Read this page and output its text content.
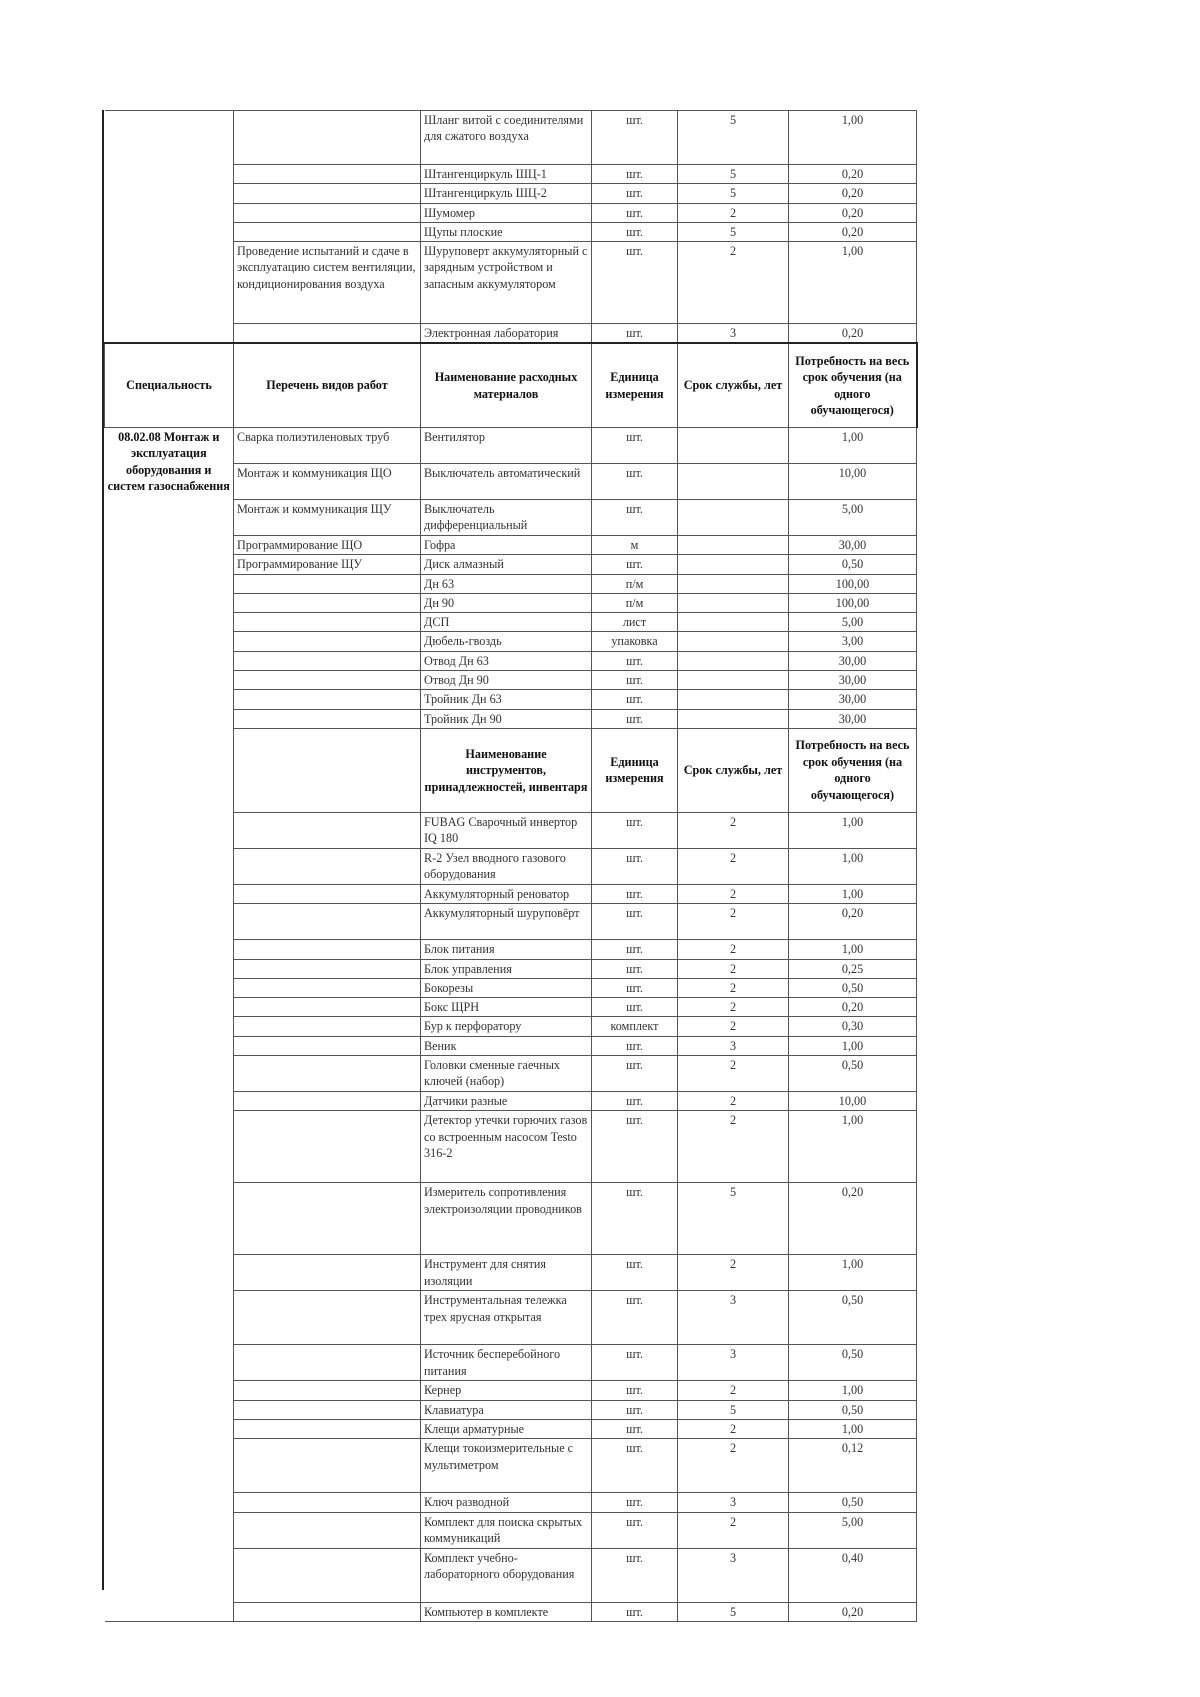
		Шланг витой с соединителями для сжатого воздуха	шт.	5	1,00
		Штангенциркуль ШЦ-1	шт.	5	0,20
		Штангенциркуль ШЦ-2	шт.	5	0,20
		Шумомер	шт.	2	0,20
		Щупы плоские	шт.	5	0,20
	Проведение испытаний и сдаче в эксплуатацию систем вентиляции, кондиционирования воздуха	Шуруповерт аккумуляторный с зарядным устройством и запасным аккумулятором	шт.	2	1,00
		Электронная лаборатория	шт.	3	0,20
Специальность	Перечень видов работ	Наименование расходных материалов	Единица измерения	Срок службы, лет	Потребность на весь срок обучения (на одного обучающегося)
08.02.08 Монтаж и эксплуатация оборудования и систем газоснабжения	Сварка полиэтиленовых труб	Вентилятор	шт.		1,00
	Монтаж и коммуникация ЩО	Выключатель автоматический	шт.		10,00
	Монтаж и коммуникация ЩУ	Выключатель дифференциальный	шт.		5,00
	Программирование ЩО	Гофра	м		30,00
	Программирование ЩУ	Диск алмазный	шт.		0,50
		Дн 63	п/м		100,00
		Дн 90	п/м		100,00
		ДСП	лист		5,00
		Дюбель-гвоздь	упаковка		3,00
		Отвод Дн 63	шт.		30,00
		Отвод Дн 90	шт.		30,00
		Тройник Дн 63	шт.		30,00
		Тройник Дн 90	шт.		30,00
		Наименование инструментов, принадлежностей, инвентаря	Единица измерения	Срок службы, лет	Потребность на весь срок обучения (на одного обучающегося)
		FUBAG Сварочный инвертор IQ 180	шт.	2	1,00
		R-2 Узел вводного газового оборудования	шт.	2	1,00
		Аккумуляторный реноватор	шт.	2	1,00
		Аккумуляторный шуруповёрт	шт.	2	0,20
		Блок питания	шт.	2	1,00
		Блок управления	шт.	2	0,25
		Бокорезы	шт.	2	0,50
		Бокс ЩРН	шт.	2	0,20
		Бур к перфоратору	комплект	2	0,30
		Веник	шт.	3	1,00
		Головки сменные гаечных ключей (набор)	шт.	2	0,50
		Датчики разные	шт.	2	10,00
		Детектор утечки горючих газов со встроенным насосом Testo 316-2	шт.	2	1,00
		Измеритель сопротивления электроизоляции проводников	шт.	5	0,20
		Инструмент для снятия изоляции	шт.	2	1,00
		Инструментальная тележка трех ярусная открытая	шт.	3	0,50
		Источник бесперебойного питания	шт.	3	0,50
		Кернер	шт.	2	1,00
		Клавиатура	шт.	5	0,50
		Клещи арматурные	шт.	2	1,00
		Клещи токоизмерительные с мультиметром	шт.	2	0,12
		Ключ разводной	шт.	3	0,50
		Комплект для поиска скрытых коммуникаций	шт.	2	5,00
		Комплект учебно-лабораторного оборудования	шт.	3	0,40
		Компьютер в комплекте	шт.	5	0,20
